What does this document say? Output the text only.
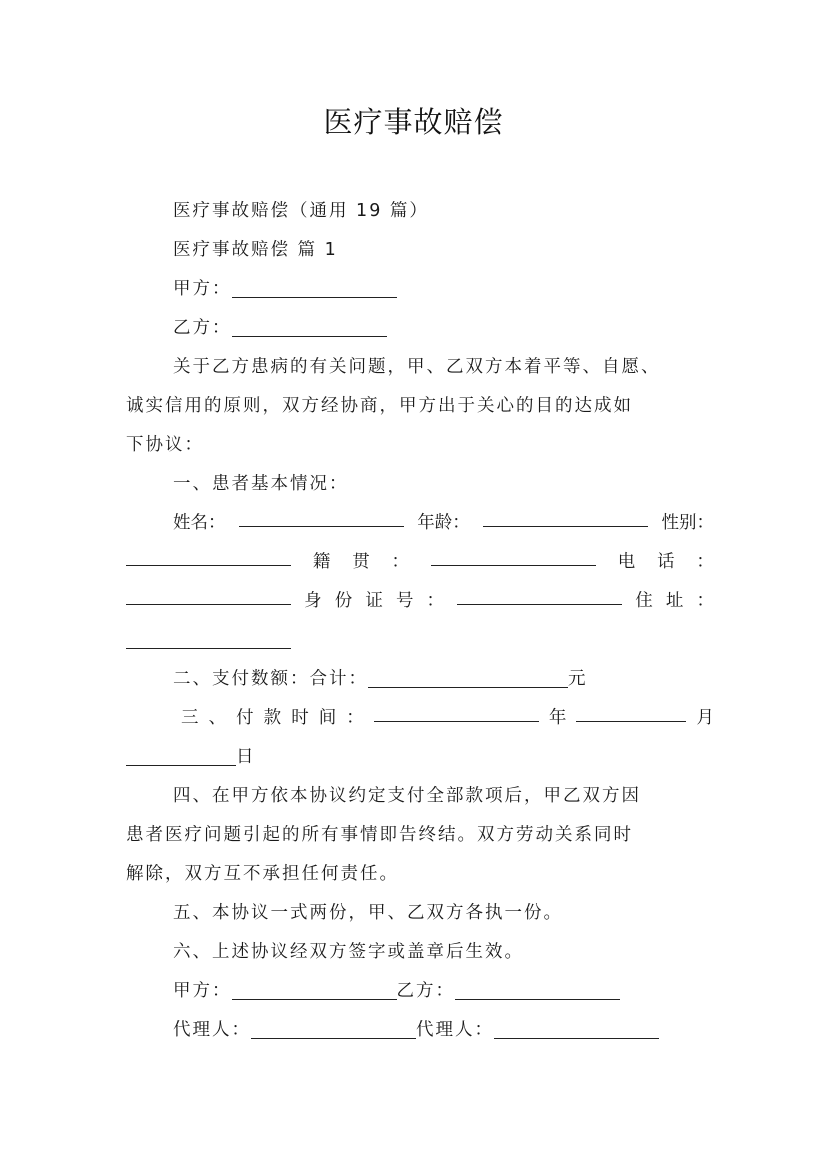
医疗事故赔偿
医疗事故赔偿（通用 19 篇）
医疗事故赔偿 篇 1
甲方：
乙方：
关于乙方患病的有关问题，甲、乙双方本着平等、自愿、
诚实信用的原则，双方经协商，甲方出于关心的目的达成如
下协议：
一、患者基本情况：
姓名：	年龄：	性别：
籍 贯 ：	电 话 ：
身 份 证 号 ：	住 址 ：
二、支付数额：合计：	元
三 、 付 款 时 间 ：	年	月
日
四、在甲方依本协议约定支付全部款项后，甲乙双方因
患者医疗问题引起的所有事情即告终结。双方劳动关系同时
解除，双方互不承担任何责任。
五、本协议一式两份，甲、乙双方各执一份。
六、上述协议经双方签字或盖章后生效。
甲方：	乙方：
代理人：	代理人：
